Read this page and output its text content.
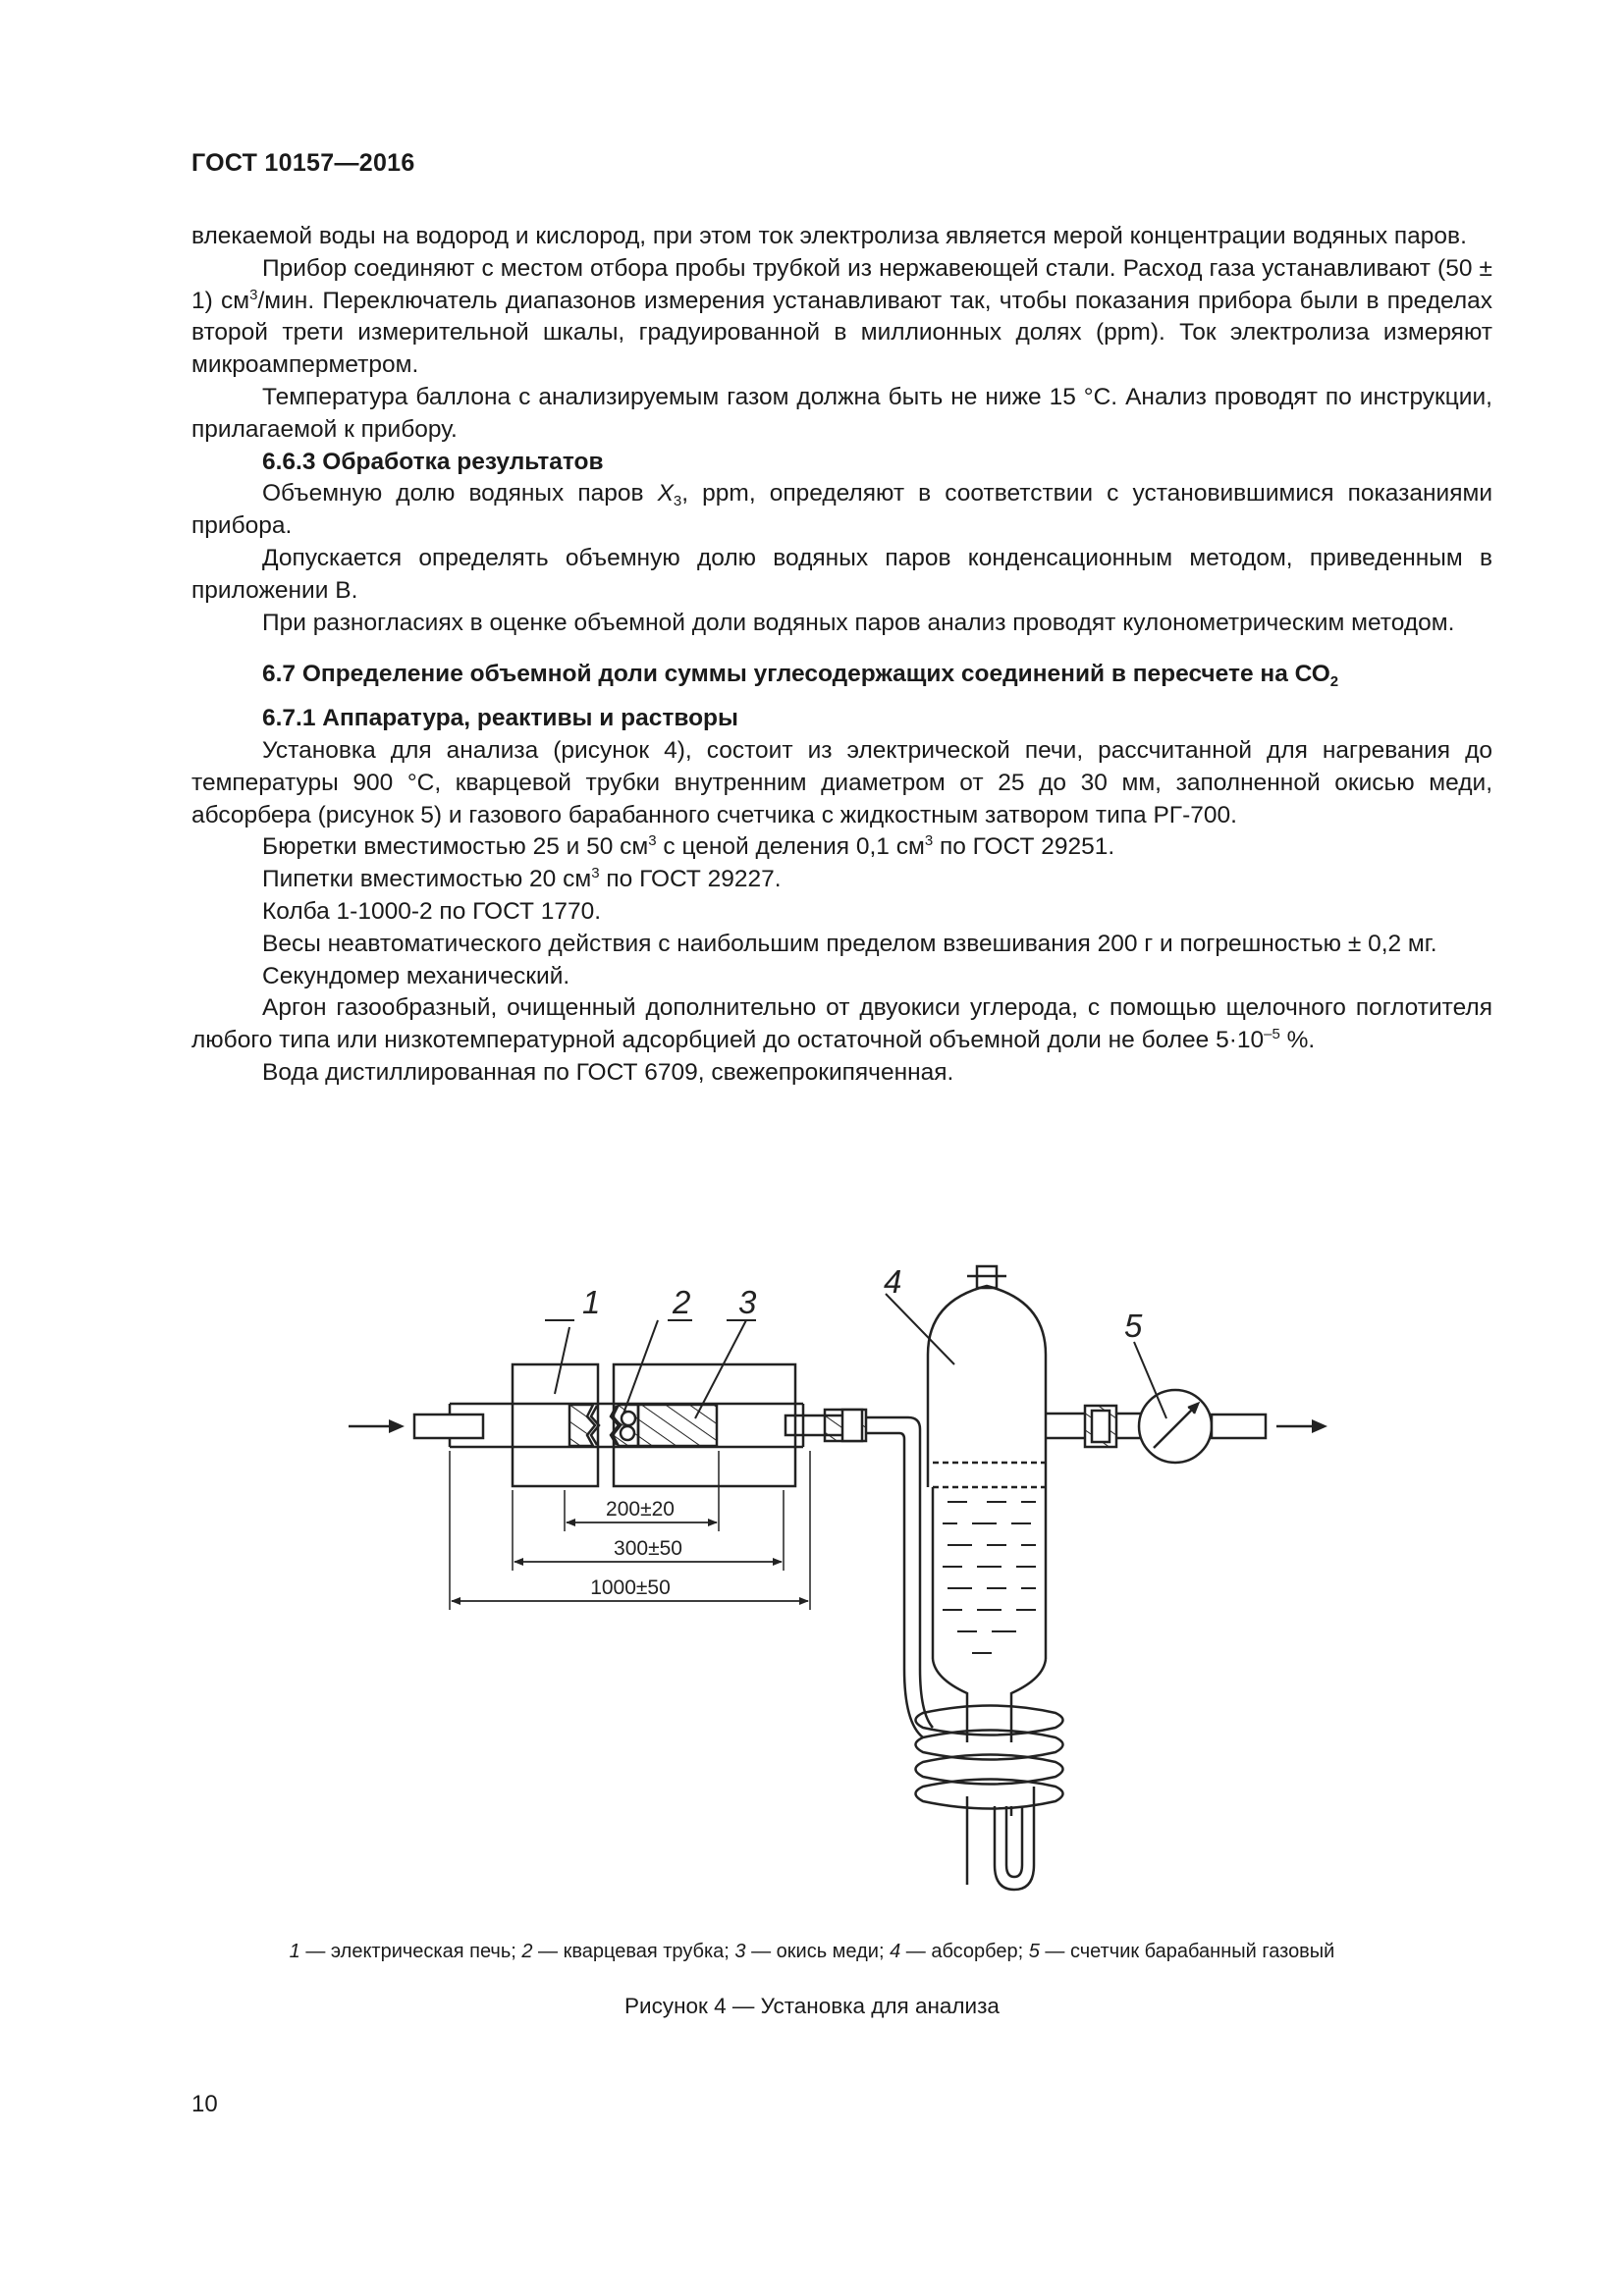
ГОСТ 10157—2016

влекаемой воды на водород и кислород, при этом ток электролиза является мерой концентрации водяных паров.

Прибор соединяют с местом отбора пробы трубкой из нержавеющей стали. Расход газа устанавливают (50 ± 1) $см^3$/мин. Переключатель диапазонов измерения устанавливают так, чтобы показания прибора были в пределах второй трети измерительной шкалы, градуированной в миллионных долях (ppm). Ток электролиза измеряют микроамперметром.

Температура баллона с анализируемым газом должна быть не ниже 15 °С. Анализ проводят по инструкции, прилагаемой к прибору.

6.6.3 Обработка результатов

Объемную долю водяных паров $X_3$, ppm, определяют в соответствии с установившимися показаниями прибора.

Допускается определять объемную долю водяных паров конденсационным методом, приведенным в приложении В.

При разногласиях в оценке объемной доли водяных паров анализ проводят кулонометрическим методом.

6.7 Определение объемной доли суммы углесодержащих соединений в пересчете на $СО_2$

6.7.1 Аппаратура, реактивы и растворы

Установка для анализа (рисунок 4), состоит из электрической печи, рассчитанной для нагревания до температуры 900 °С, кварцевой трубки внутренним диаметром от 25 до 30 мм, заполненной окисью меди, абсорбера (рисунок 5) и газового барабанного счетчика с жидкостным затвором типа РГ-700.

Бюретки вместимостью 25 и 50 $см^3$ с ценой деления 0,1 $см^3$ по ГОСТ 29251.

Пипетки вместимостью 20 $см^3$ по ГОСТ 29227.

Колба 1-1000-2 по ГОСТ 1770.

Весы неавтоматического действия с наибольшим пределом взвешивания 200 г и погрешностью ± 0,2 мг.

Секундомер механический.

Аргон газообразный, очищенный дополнительно от двуокиси углерода, с помощью щелочного поглотителя любого типа или низкотемпературной адсорбцией до остаточной объемной доли не более $5\cdot 10^{-5}$ %.

Вода дистиллированная по ГОСТ 6709, свежепрокипяченная.

1 2 3
4
5
200±20
300±50
1000±50
1 — электрическая печь; 2 — кварцевая трубка; 3 — окись меди; 4 — абсорбер; 5 — счетчик барабанный газовый
Рисунок 4 — Установка для анализа
10
